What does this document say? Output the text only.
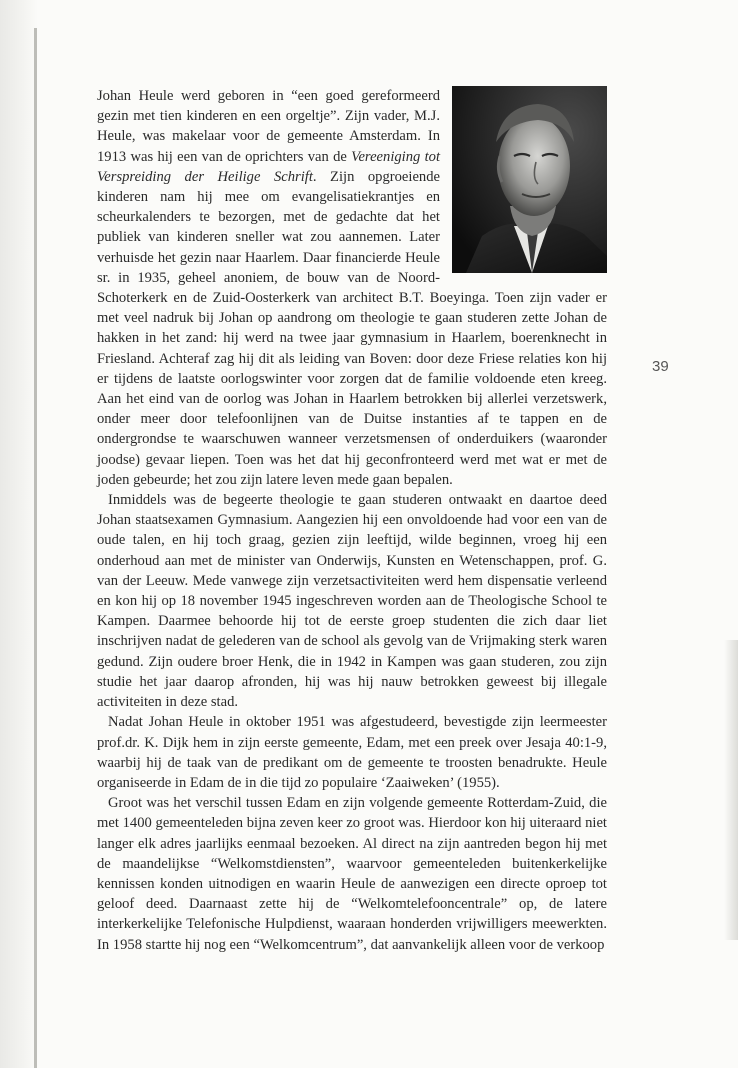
39

Johan Heule werd geboren in “een goed gereformeerd gezin met tien kinderen en een orgeltje”. Zijn vader, M.J. Heule, was makelaar voor de gemeente Amsterdam. In 1913 was hij een van de oprichters van de Vereeniging tot Verspreiding der Heilige Schrift. Zijn opgroeiende kinderen nam hij mee om evangelisatiekrantjes en scheurkalenders te bezorgen, met de gedachte dat het publiek van kinderen sneller wat zou aannemen. Later verhuisde het gezin naar Haarlem. Daar financierde Heule sr. in 1935, geheel anoniem, de bouw van de Noord-Schoterkerk en de Zuid-Oosterkerk van architect B.T. Boeyinga. Toen zijn vader er met veel nadruk bij Johan op aandrong om theologie te gaan studeren zette Johan de hakken in het zand: hij werd na twee jaar gymnasium in Haarlem, boerenknecht in Friesland. Achteraf zag hij dit als leiding van Boven: door deze Friese relaties kon hij er tijdens de laatste oorlogswinter voor zorgen dat de familie voldoende eten kreeg. Aan het eind van de oorlog was Johan in Haarlem betrokken bij allerlei verzetswerk, onder meer door telefoonlijnen van de Duitse instanties af te tappen en de ondergrondse te waarschuwen wanneer verzetsmensen of onderduikers (waaronder joodse) gevaar liepen. Toen was het dat hij geconfronteerd werd met wat er met de joden gebeurde; het zou zijn latere leven mede gaan bepalen.

Inmiddels was de begeerte theologie te gaan studeren ontwaakt en daartoe deed Johan staatsexamen Gymnasium. Aangezien hij een onvoldoende had voor een van de oude talen, en hij toch graag, gezien zijn leeftijd, wilde beginnen, vroeg hij een onderhoud aan met de minister van Onderwijs, Kunsten en Wetenschappen, prof. G. van der Leeuw. Mede vanwege zijn verzetsactiviteiten werd hem dispensatie verleend en kon hij op 18 november 1945 ingeschreven worden aan de Theologische School te Kampen. Daarmee behoorde hij tot de eerste groep studenten die zich daar liet inschrijven nadat de gelederen van de school als gevolg van de Vrijmaking sterk waren gedund. Zijn oudere broer Henk, die in 1942 in Kampen was gaan studeren, zou zijn studie het jaar daarop afronden, hij was hij nauw betrokken geweest bij illegale activiteiten in deze stad.

Nadat Johan Heule in oktober 1951 was afgestudeerd, bevestigde zijn leermeester prof.dr. K. Dijk hem in zijn eerste gemeente, Edam, met een preek over Jesaja 40:1-9, waarbij hij de taak van de predikant om de gemeente te troosten benadrukte. Heule organiseerde in Edam de in die tijd zo populaire ‘Zaaiweken’ (1955).

Groot was het verschil tussen Edam en zijn volgende gemeente Rotterdam-Zuid, die met 1400 gemeenteleden bijna zeven keer zo groot was. Hierdoor kon hij uiteraard niet langer elk adres jaarlijks eenmaal bezoeken. Al direct na zijn aantreden begon hij met de maandelijkse “Welkomstdiensten”, waarvoor gemeenteleden buitenkerkelijke kennissen konden uitnodigen en waarin Heule de aanwezigen een directe oproep tot geloof deed. Daarnaast zette hij de “Welkomtelefooncentrale” op, de latere interkerkelijke Telefonische Hulpdienst, waaraan honderden vrijwilligers meewerkten. In 1958 startte hij nog een “Welkomcentrum”, dat aanvankelijk alleen voor de verkoop
